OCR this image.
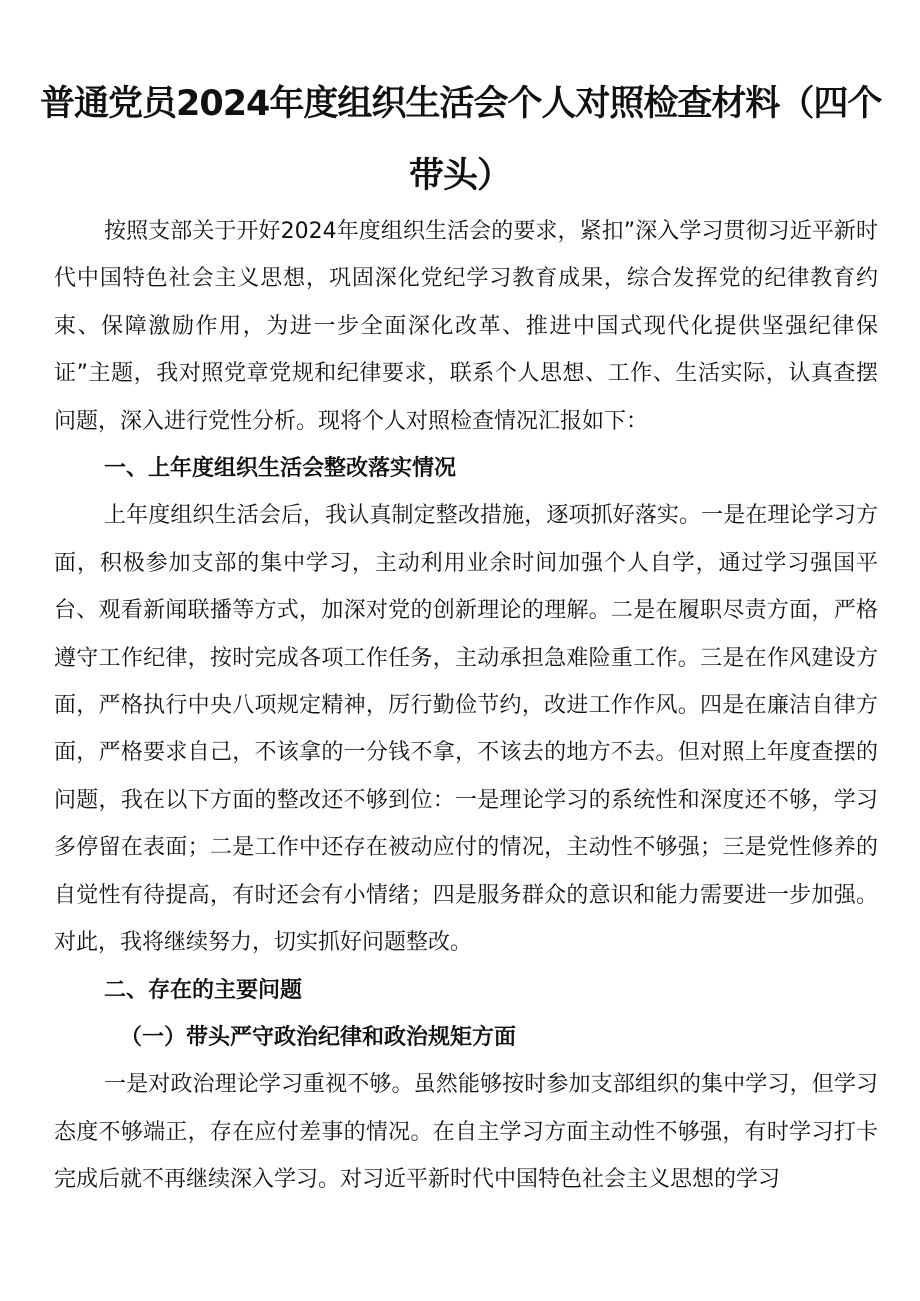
普通党员2024年度组织生活会个人对照检查材料（四个
带头）

按照支部关于开好2024年度组织生活会的要求，紧扣”深入学习贯彻习近平新时代中国特色社会主义思想，巩固深化党纪学习教育成果，综合发挥党的纪律教育约束、保障激励作用，为进一步全面深化改革、推进中国式现代化提供坚强纪律保证”主题，我对照党章党规和纪律要求，联系个人思想、工作、生活实际，认真查摆问题，深入进行党性分析。现将个人对照检查情况汇报如下：

一、上年度组织生活会整改落实情况

上年度组织生活会后，我认真制定整改措施，逐项抓好落实。一是在理论学习方面，积极参加支部的集中学习，主动利用业余时间加强个人自学，通过学习强国平台、观看新闻联播等方式，加深对党的创新理论的理解。二是在履职尽责方面，严格遵守工作纪律，按时完成各项工作任务，主动承担急难险重工作。三是在作风建设方面，严格执行中央八项规定精神，厉行勤俭节约，改进工作作风。四是在廉洁自律方面，严格要求自己，不该拿的一分钱不拿，不该去的地方不去。但对照上年度查摆的问题，我在以下方面的整改还不够到位：一是理论学习的系统性和深度还不够，学习多停留在表面；二是工作中还存在被动应付的情况，主动性不够强；三是党性修养的自觉性有待提高，有时还会有小情绪；四是服务群众的意识和能力需要进一步加强。对此，我将继续努力，切实抓好问题整改。

二、存在的主要问题

（一）带头严守政治纪律和政治规矩方面

一是对政治理论学习重视不够。虽然能够按时参加支部组织的集中学习，但学习态度不够端正，存在应付差事的情况。在自主学习方面主动性不够强，有时学习打卡完成后就不再继续深入学习。对习近平新时代中国特色社会主义思想的学习
